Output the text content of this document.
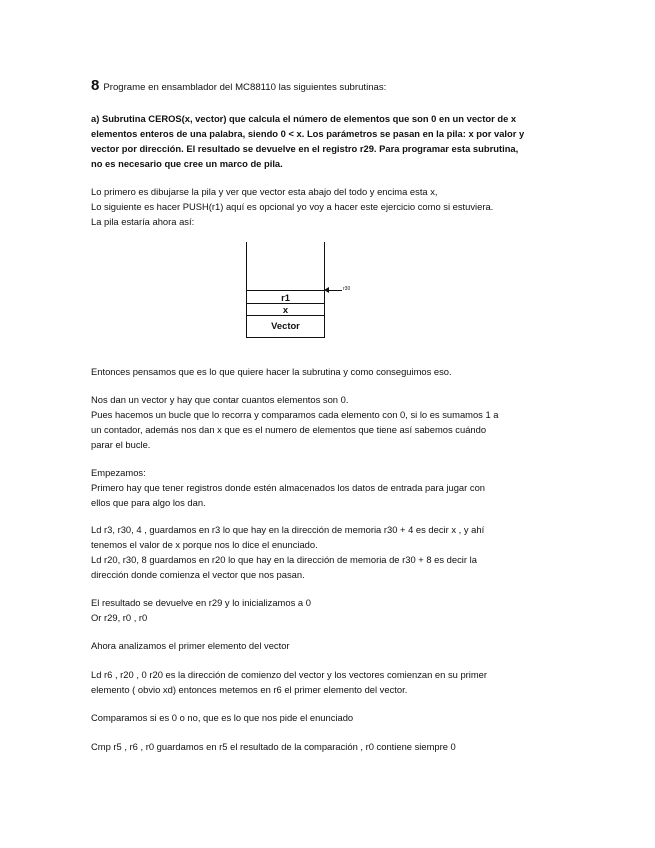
8 Programe en ensamblador del MC88110 las siguientes subrutinas:
a) Subrutina CEROS(x, vector) que calcula el número de elementos que son 0 en un vector de x
elementos enteros de una palabra, siendo 0 < x. Los parámetros se pasan en la pila: x por valor y
vector por dirección. El resultado se devuelve en el registro r29. Para programar esta subrutina,
no es necesario que cree un marco de pila.
Lo primero es dibujarse la pila y ver que vector esta abajo del todo y encima esta x,
Lo siguiente es hacer PUSH(r1) aquí es opcional yo voy a hacer este ejercicio como si estuviera.
La pila estaría ahora así:
r1
x
Vector
r30
Entonces pensamos que es lo que quiere hacer la subrutina y como conseguimos eso.
Nos dan un vector y hay que contar cuantos elementos son 0.
Pues hacemos un bucle que lo recorra y comparamos cada elemento con 0, si lo es sumamos 1 a
un contador, además nos dan x que es el numero de elementos que tiene así sabemos cuándo
parar el bucle.
Empezamos:
Primero hay que tener registros donde estén almacenados los datos de entrada para jugar con
ellos que para algo los dan.
Ld r3, r30, 4 , guardamos en r3 lo que hay en la dirección de memoria r30 + 4 es decir x , y ahí
tenemos el valor de x porque nos lo dice el enunciado.
Ld r20, r30, 8 guardamos en r20 lo que hay en la dirección de memoria de r30 + 8 es decir la
dirección donde comienza el vector que nos pasan.
El resultado se devuelve en r29 y lo inicializamos a 0
Or r29, r0 , r0
Ahora analizamos el primer elemento del vector
Ld r6 , r20 , 0 r20 es la dirección de comienzo del vector y los vectores comienzan en su primer
elemento ( obvio xd) entonces metemos en r6 el primer elemento del vector.
Comparamos si es 0 o no, que es lo que nos pide el enunciado
Cmp r5 , r6 , r0 guardamos en r5 el resultado de la comparación , r0 contiene siempre 0
